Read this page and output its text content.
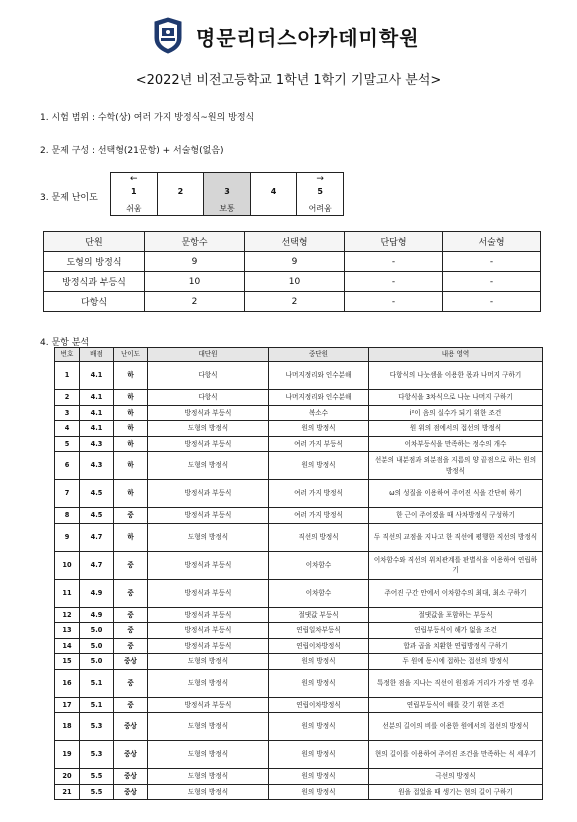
명문리더스아카데미학원
<2022년 비전고등학교 1학년 1학기 기말고사 분석>
1. 시험 범위 : 수학(상) 여러 가지 방정식~원의 방정식
2. 문제 구성 : 선택형(21문항) + 서술형(없음)
3. 문제 난이도
←
1
쉬움
2	3
보통
4
→
5
어려움
단원	문항수	선택형	단답형	서술형
도형의 방정식	9	9	-	-
방정식과 부등식	10	10	-	-
다항식	2	2	-	-
4. 문항 분석
번호	배점	난이도	대단원	중단원	내용 영역
1	4.1	하	다항식	나머지정리와 인수분해	다항식의 나눗셈을 이용한 몫과 나머지 구하기
2	4.1	하	다항식	나머지정리와 인수분해	다항식을 3차식으로 나눈 나머지 구하기
3	4.1	하	방정식과 부등식	복소수	i²이 음의 실수가 되기 위한 조건
4	4.1	하	도형의 방정식	원의 방정식	원 위의 점에서의 접선의 방정식
5	4.3	하	방정식과 부등식	여러 가지 부등식	이차부등식을 만족하는 정수의 개수
6	4.3	하	도형의 방정식	원의 방정식	선분의 내분점과 외분점을 지름의 양 끝점으로 하는 원의 방정식
7	4.5	하	방정식과 부등식	여러 가지 방정식	ω의 성질을 이용하여 주어진 식을 간단히 하기
8	4.5	중	방정식과 부등식	여러 가지 방정식	한 근이 주어졌을 때 사차방정식 구성하기
9	4.7	하	도형의 방정식	직선의 방정식	두 직선의 교점을 지나고 한 직선에 평행한 직선의 방정식
10	4.7	중	방정식과 부등식	이차함수	이차함수와 직선의 위치관계를 판별식을 이용하여 연립하기
11	4.9	중	방정식과 부등식	이차함수	주어진 구간 안에서 이차함수의 최대, 최소 구하기
12	4.9	중	방정식과 부등식	절댓값 부등식	절댓값을 포함하는 부등식
13	5.0	중	방정식과 부등식	연립일차부등식	연립부등식이 해가 없을 조건
14	5.0	중	방정식과 부등식	연립이차방정식	합과 곱을 치환한 연립방정식 구하기
15	5.0	중상	도형의 방정식	원의 방정식	두 원에 동시에 접하는 접선의 방정식
16	5.1	중	도형의 방정식	원의 방정식	특정한 점을 지나는 직선이 원점과 거리가 가장 먼 경우
17	5.1	중	방정식과 부등식	연립이차방정식	연립부등식이 해를 갖기 위한 조건
18	5.3	중상	도형의 방정식	원의 방정식	선분의 길이의 비를 이용한 원에서의 접선의 방정식
19	5.3	중상	도형의 방정식	원의 방정식	현의 길이를 이용하여 주어진 조건을 만족하는 식 세우기
20	5.5	중상	도형의 방정식	원의 방정식	극선의 방정식
21	5.5	중상	도형의 방정식	원의 방정식	원을 접었을 때 생기는 현의 길이 구하기
